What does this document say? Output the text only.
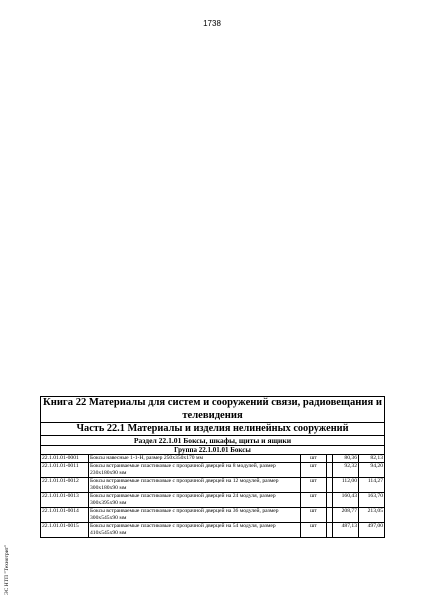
1738
ЭС НТП "Технотрит"
Книга 22 Материалы для систем и сооружений связи, радиовещания и телевидения					
Часть 22.1 Материалы и изделия нелинейных сооружений					
Раздел 22.1.01 Боксы, шкафы, щиты и ящики					
Группа 22.1.01.01 Боксы					
22.1.01.01-0001	Боксы навесные 1-1-Н, размер 250х350х170 мм	шт		80,36	82,13
22.1.01.01-0011	Боксы встраиваемые пластиковые с прозрачной дверцей на 8 модулей, размер 230х180х90 мм	шт		92,32	94,20
22.1.01.01-0012	Боксы встраиваемые пластиковые с прозрачной дверцей на 12 модулей, размер 300х180х90 мм	шт		112,00	114,27
22.1.01.01-0013	Боксы встраиваемые пластиковые с прозрачной дверцей на 24 модуля, размер 300х395х90 мм	шт		160,43	163,70
22.1.01.01-0014	Боксы встраиваемые пластиковые с прозрачной дверцей на 36 модулей, размер 300х545х90 мм	шт		208,77	213,05
22.1.01.01-0015	Боксы встраиваемые пластиковые с прозрачной дверцей на 54 модуля, размер 410х545х90 мм	шт		487,13	497,00
